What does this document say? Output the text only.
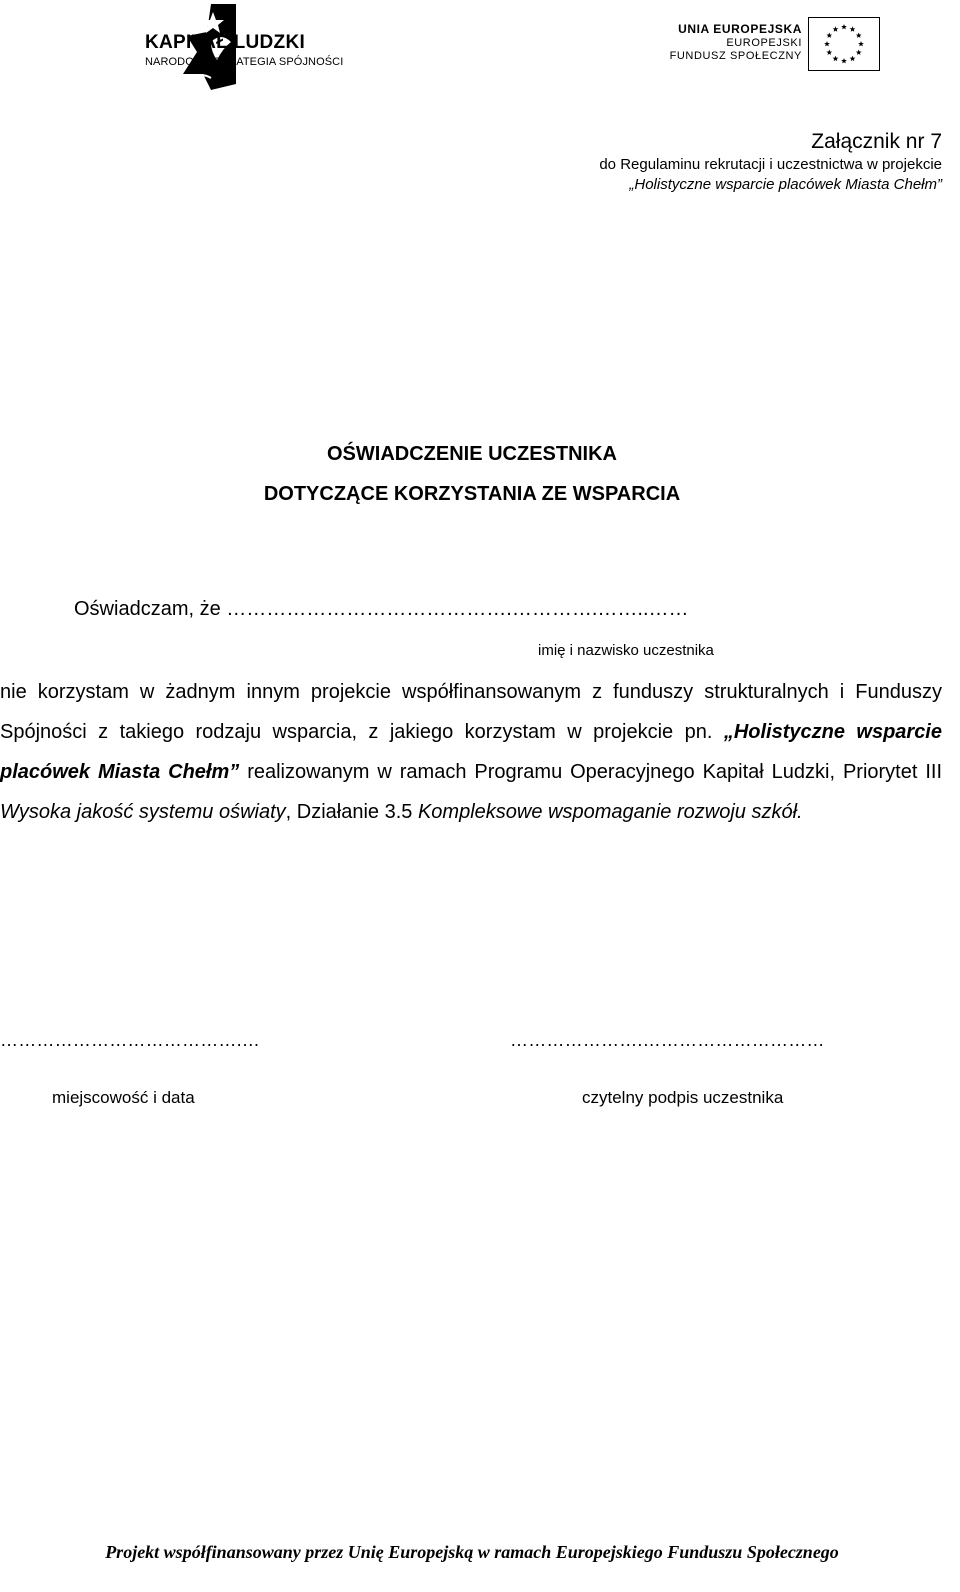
KAPITAŁ LUDZKI
NARODOWA STRATEGIA SPÓJNOŚCI
UNIA EUROPEJSKA
EUROPEJSKI
FUNDUSZ SPOŁECZNY
Załącznik nr 7
do Regulaminu rekrutacji i uczestnictwa w projekcie
„Holistyczne wsparcie placówek Miasta Chełm”
OŚWIADCZENIE UCZESTNIKA
DOTYCZĄCE KORZYSTANIA ZE WSPARCIA
Oświadczam, że …………………………………….………….……..……
imię i nazwisko uczestnika
nie korzystam w żadnym innym projekcie współfinansowanym z funduszy strukturalnych i Funduszy Spójności z takiego rodzaju wsparcia, z jakiego korzystam w projekcie pn. „Holistyczne wsparcie placówek Miasta Chełm” realizowanym w ramach Programu Operacyjnego Kapitał Ludzki, Priorytet III Wysoka jakość systemu oświaty, Działanie 3.5 Kompleksowe wspomaganie rozwoju szkół.
………………………………….…	………………….…………………………
miejscowość i data	czytelny podpis uczestnika
Projekt współfinansowany przez Unię Europejską w ramach Europejskiego Funduszu Społecznego
